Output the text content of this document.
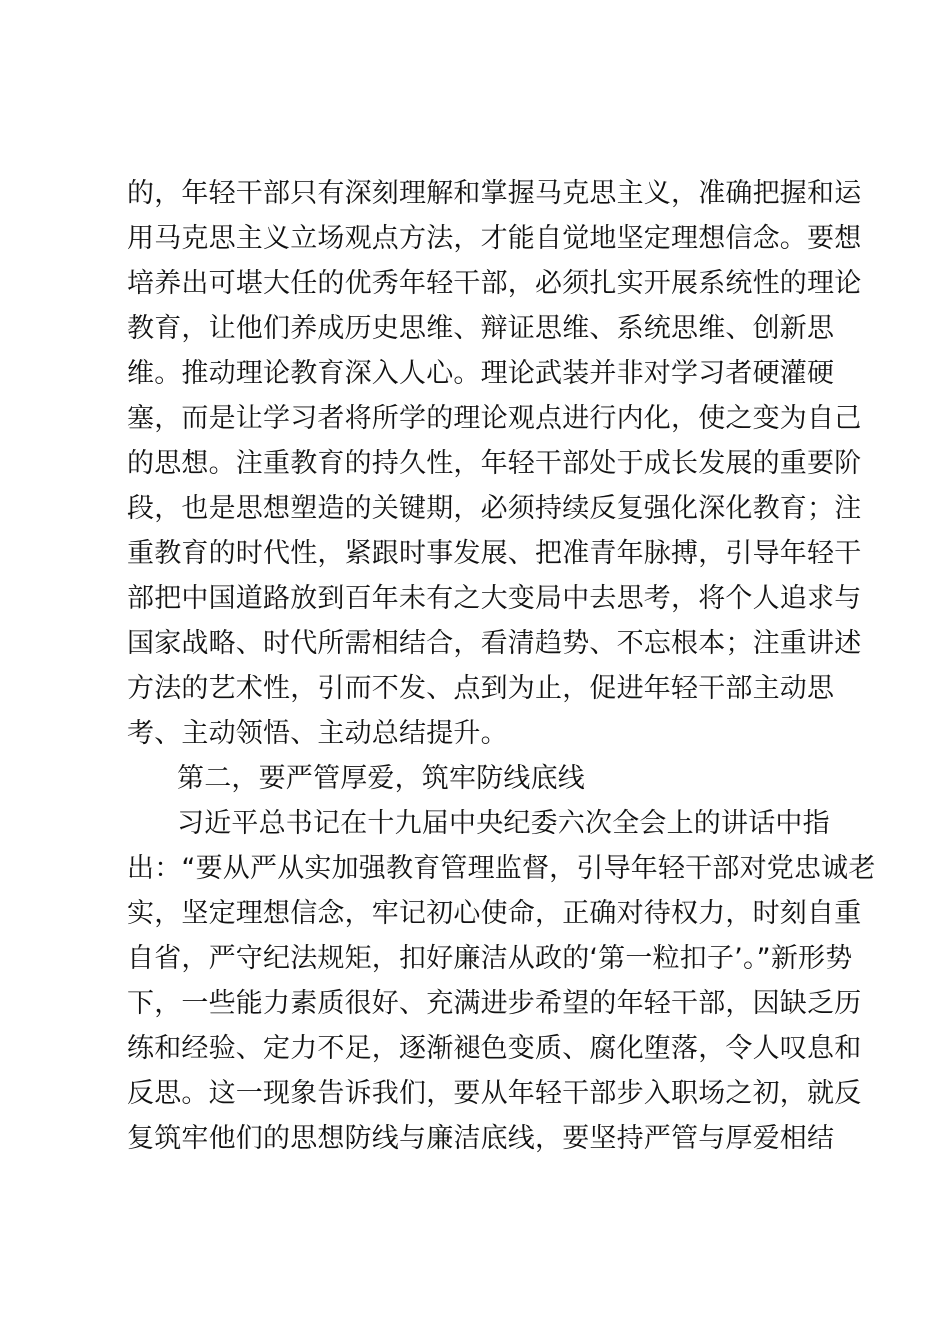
的，年轻干部只有深刻理解和掌握马克思主义，准确把握和运
用马克思主义立场观点方法，才能自觉地坚定理想信念。要想
培养出可堪大任的优秀年轻干部，必须扎实开展系统性的理论
教育，让他们养成历史思维、辩证思维、系统思维、创新思
维。推动理论教育深入人心。理论武装并非对学习者硬灌硬
塞，而是让学习者将所学的理论观点进行内化，使之变为自己
的思想。注重教育的持久性，年轻干部处于成长发展的重要阶
段，也是思想塑造的关键期，必须持续反复强化深化教育；注
重教育的时代性，紧跟时事发展、把准青年脉搏，引导年轻干
部把中国道路放到百年未有之大变局中去思考，将个人追求与
国家战略、时代所需相结合，看清趋势、不忘根本；注重讲述
方法的艺术性，引而不发、点到为止，促进年轻干部主动思
考、主动领悟、主动总结提升。
第二，要严管厚爱，筑牢防线底线
习近平总书记在十九届中央纪委六次全会上的讲话中指
出：“要从严从实加强教育管理监督，引导年轻干部对党忠诚老
实，坚定理想信念，牢记初心使命，正确对待权力，时刻自重
自省，严守纪法规矩，扣好廉洁从政的‘第一粒扣子’。”新形势
下，一些能力素质很好、充满进步希望的年轻干部，因缺乏历
练和经验、定力不足，逐渐褪色变质、腐化堕落，令人叹息和
反思。这一现象告诉我们，要从年轻干部步入职场之初，就反
复筑牢他们的思想防线与廉洁底线，要坚持严管与厚爱相结
